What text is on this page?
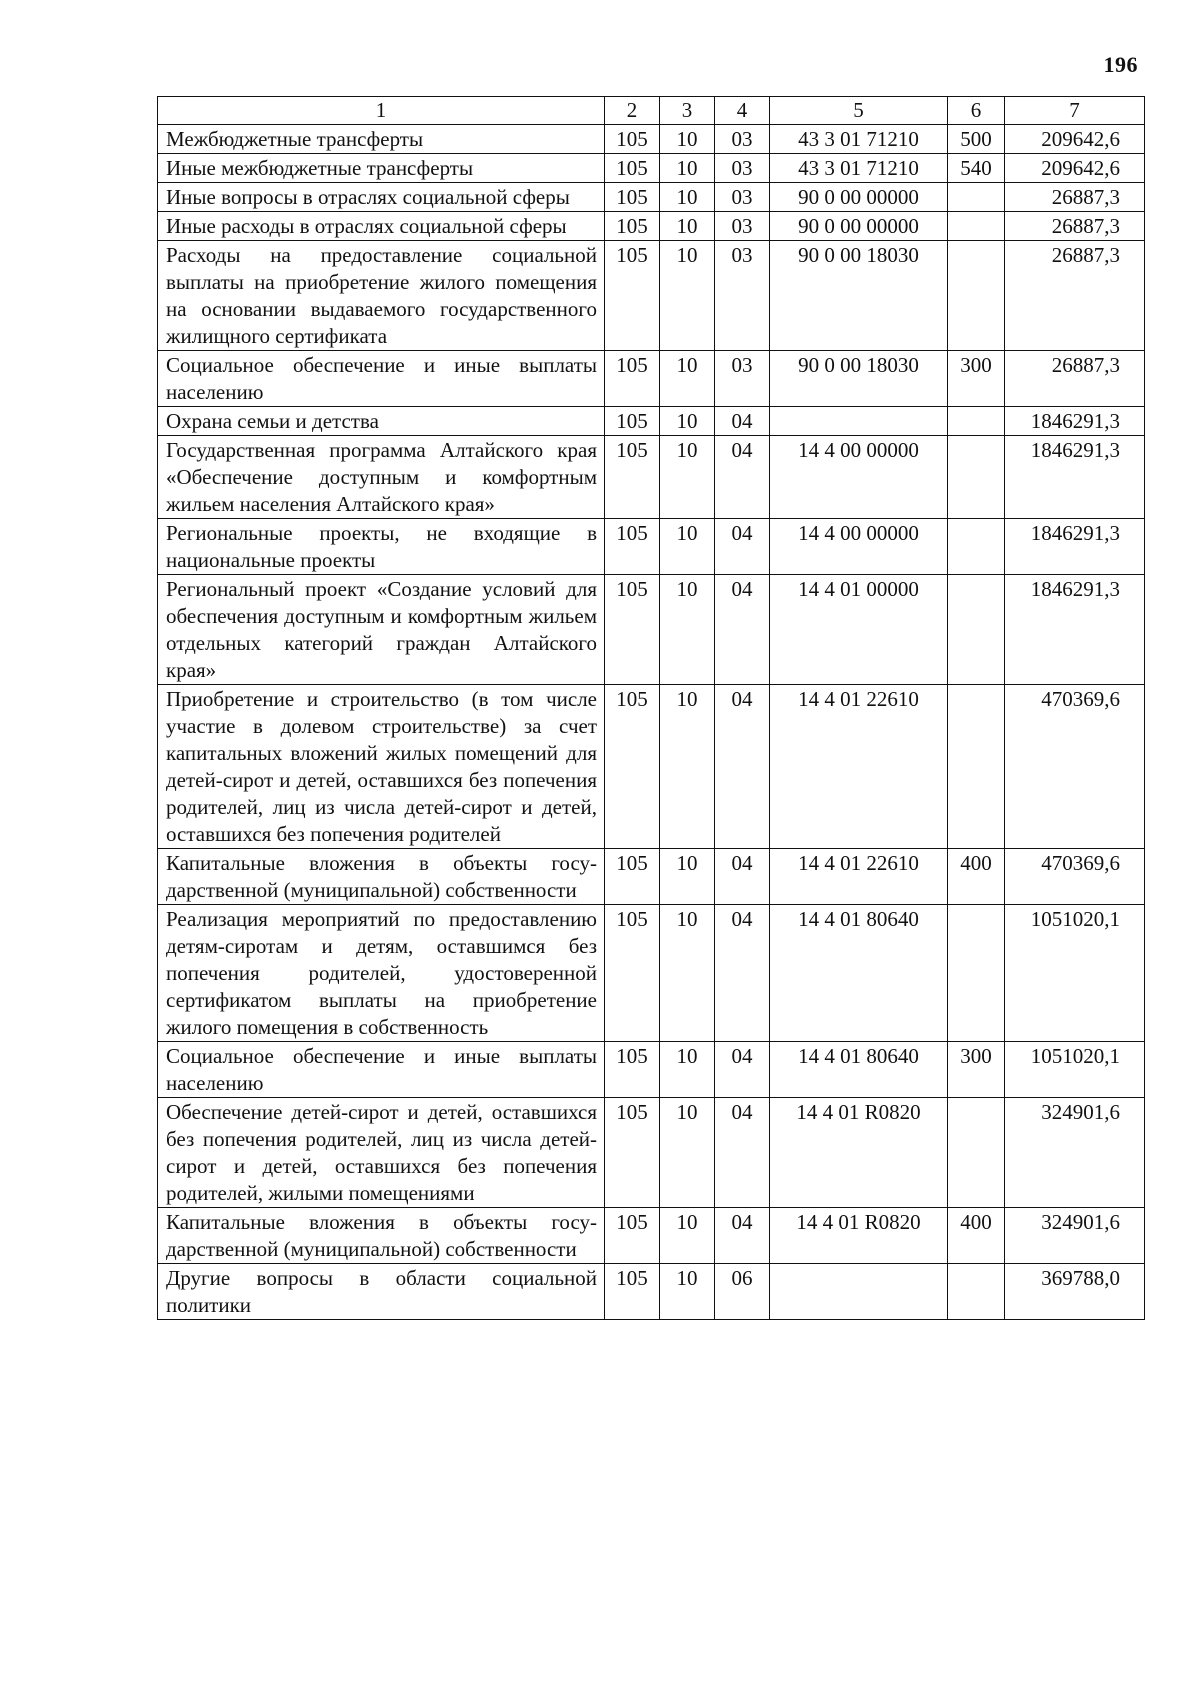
196
1	2	3	4	5	6	7
Межбюджетные трансферты	105	10	03	43 3 01 71210	500	209642,6
Иные межбюджетные трансферты	105	10	03	43 3 01 71210	540	209642,6
Иные вопросы в отраслях социальной сферы	105	10	03	90 0 00 00000		26887,3
Иные расходы в отраслях социальной сферы	105	10	03	90 0 00 00000		26887,3
Расходы на предоставление социальной выплаты на приобретение жилого помещения на основании выдаваемого государственного жилищного сертификата	105	10	03	90 0 00 18030		26887,3
Социальное обеспечение и иные выплаты населению	105	10	03	90 0 00 18030	300	26887,3
Охрана семьи и детства	105	10	04			1846291,3
Государственная программа Алтайского края «Обеспечение доступным и комфортным жильем населения Алтайского края»	105	10	04	14 4 00 00000		1846291,3
Региональные проекты, не входящие в национальные проекты	105	10	04	14 4 00 00000		1846291,3
Региональный проект «Создание условий для обеспечения доступным и комфортным жильем отдельных категорий граждан Алтайского края»	105	10	04	14 4 01 00000		1846291,3
Приобретение и строительство (в том числе участие в долевом строительстве) за счет капитальных вложений жилых помещений для детей-сирот и детей, оставшихся без попечения родителей, лиц из числа детей-сирот и детей, оставшихся без попечения родителей	105	10	04	14 4 01 22610		470369,6
Капитальные вложения в объекты государственной (муниципальной) собственности	105	10	04	14 4 01 22610	400	470369,6
Реализация мероприятий по предоставлению детям-сиротам и детям, оставшимся без попечения родителей, удостоверенной сертификатом выплаты на приобретение жилого помещения в собственность	105	10	04	14 4 01 80640		1051020,1
Социальное обеспечение и иные выплаты населению	105	10	04	14 4 01 80640	300	1051020,1
Обеспечение детей-сирот и детей, оставшихся без попечения родителей, лиц из числа детей-сирот и детей, оставшихся без попечения родителей, жилыми помещениями	105	10	04	14 4 01 R0820		324901,6
Капитальные вложения в объекты государственной (муниципальной) собственности	105	10	04	14 4 01 R0820	400	324901,6
Другие вопросы в области социальной политики	105	10	06			369788,0
